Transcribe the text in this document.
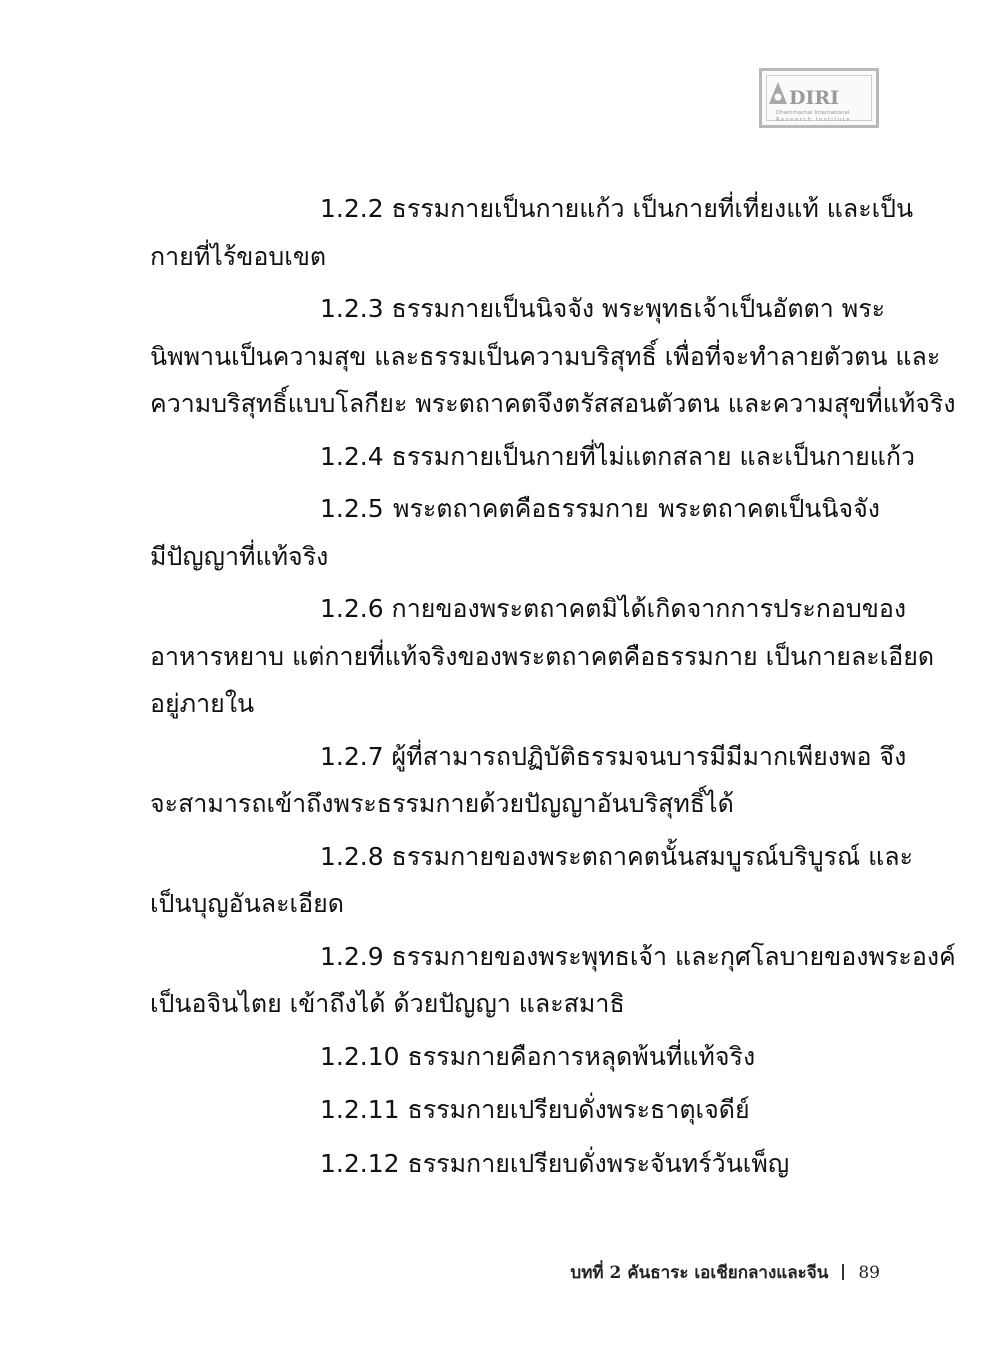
DIRI
Dhammachai International
Research Institute
1.2.2 ธรรมกายเป็นกายแก้ว เป็นกายที่เที่ยงแท้ และเป็น
กายที่ไร้ขอบเขต
1.2.3 ธรรมกายเป็นนิจจัง พระพุทธเจ้าเป็นอัตตา พระ
นิพพานเป็นความสุข และธรรมเป็นความบริสุทธิ์ เพื่อที่จะทำลายตัวตน และ
ความบริสุทธิ์แบบโลกียะ พระตถาคตจึงตรัสสอนตัวตน และความสุขที่แท้จริง
1.2.4 ธรรมกายเป็นกายที่ไม่แตกสลาย และเป็นกายแก้ว
1.2.5 พระตถาคตคือธรรมกาย พระตถาคตเป็นนิจจัง
มีปัญญาที่แท้จริง
1.2.6 กายของพระตถาคตมิได้เกิดจากการประกอบของ
อาหารหยาบ แต่กายที่แท้จริงของพระตถาคตคือธรรมกาย เป็นกายละเอียด
อยู่ภายใน
1.2.7 ผู้ที่สามารถปฏิบัติธรรมจนบารมีมีมากเพียงพอ จึง
จะสามารถเข้าถึงพระธรรมกายด้วยปัญญาอันบริสุทธิ์ได้
1.2.8 ธรรมกายของพระตถาคตนั้นสมบูรณ์บริบูรณ์ และ
เป็นบุญอันละเอียด
1.2.9 ธรรมกายของพระพุทธเจ้า และกุศโลบายของพระองค์
เป็นอจินไตย เข้าถึงได้ ด้วยปัญญา และสมาธิ
1.2.10 ธรรมกายคือการหลุดพ้นที่แท้จริง
1.2.11 ธรรมกายเปรียบดั่งพระธาตุเจดีย์
1.2.12 ธรรมกายเปรียบดั่งพระจันทร์วันเพ็ญ
บทที่ 2 คันธาระ เอเชียกลางและจีน 89
